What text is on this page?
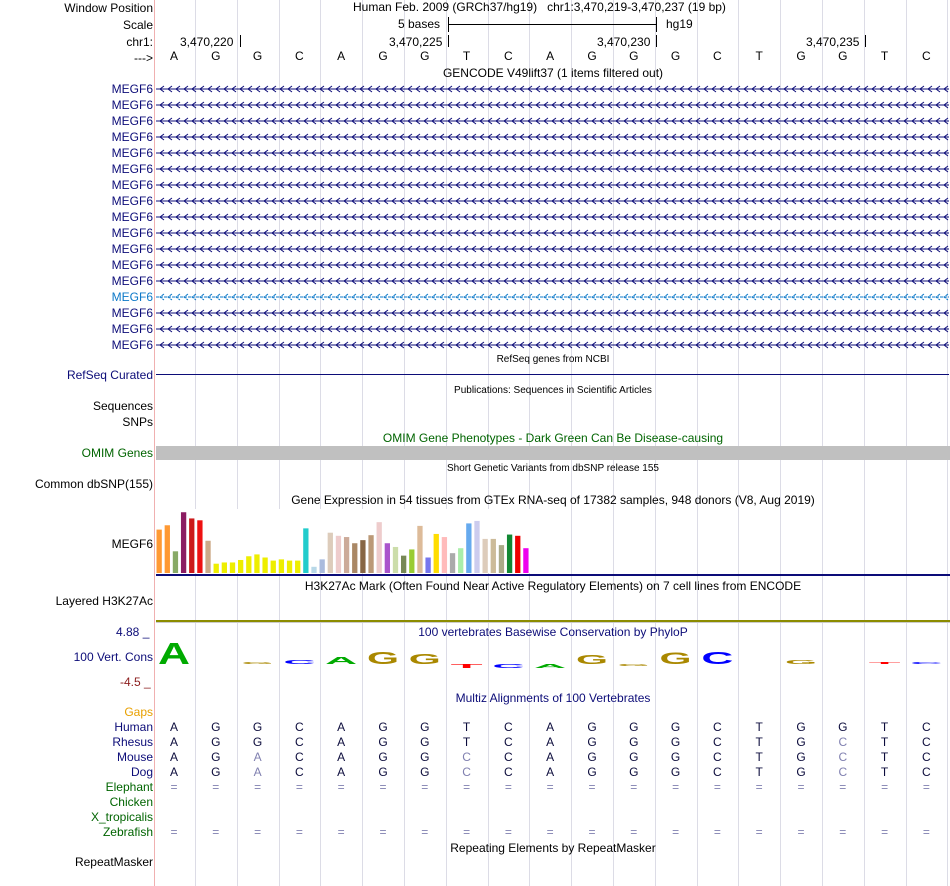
Window Position
Scale
chr1:
--->
Human Feb. 2009 (GRCh37/hg19) chr1:3,470,219-3,470,237 (19 bp)
5 bases	hg19
3,470,220	3,470,225	3,470,230	3,470,235
A	G	G	C	A	G	G	T	C	A	G	G	G	C	T	G	G	T	C
GENCODE V49lift37 (1 items filtered out)
MEGF6
MEGF6
MEGF6
MEGF6
MEGF6
MEGF6
MEGF6
MEGF6
MEGF6
MEGF6
MEGF6
MEGF6
MEGF6
MEGF6
MEGF6
MEGF6
MEGF6
RefSeq genes from NCBI
RefSeq Curated
Publications: Sequences in Scientific Articles
Sequences
SNPs
OMIM Gene Phenotypes - Dark Green Can Be Disease-causing
OMIM Genes
Short Genetic Variants from dbSNP release 155
Common dbSNP(155)
Gene Expression in 54 tissues from GTEx RNA-seq of 17382 samples, 948 donors (V8, Aug 2019)
MEGF6
H3K27Ac Mark (Often Found Near Active Regulatory Elements) on 7 cell lines from ENCODE
Layered H3K27Ac
100 vertebrates Basewise Conservation by PhyloP
4.88 _
100 Vert. Cons
-4.5 _
A	G C A G G T C A G G G C	G	T C
Multiz Alignments of 100 Vertebrates
Gaps
Human	A	G	G	C	A	G	G	T	C	A	G	G	G	C	T	G	G	T	C
Rhesus	A	G	G	C	A	G	G	T	C	A	G	G	G	C	T	G	C	T	C
Mouse	A	G	A	C	A	G	G	C	C	A	G	G	G	C	T	G	C	T	C
Dog	A	G	A	C	A	G	G	C	C	A	G	G	G	C	T	G	C	T	C
Elephant	=	=	=	=	=	=	=	=	=	=	=	=	=	=	=	=	=	=	=
Chicken
X_tropicalis
Zebrafish	=	=	=	=	=	=	=	=	=	=	=	=	=	=	=	=	=	=	=
Repeating Elements by RepeatMasker
RepeatMasker
